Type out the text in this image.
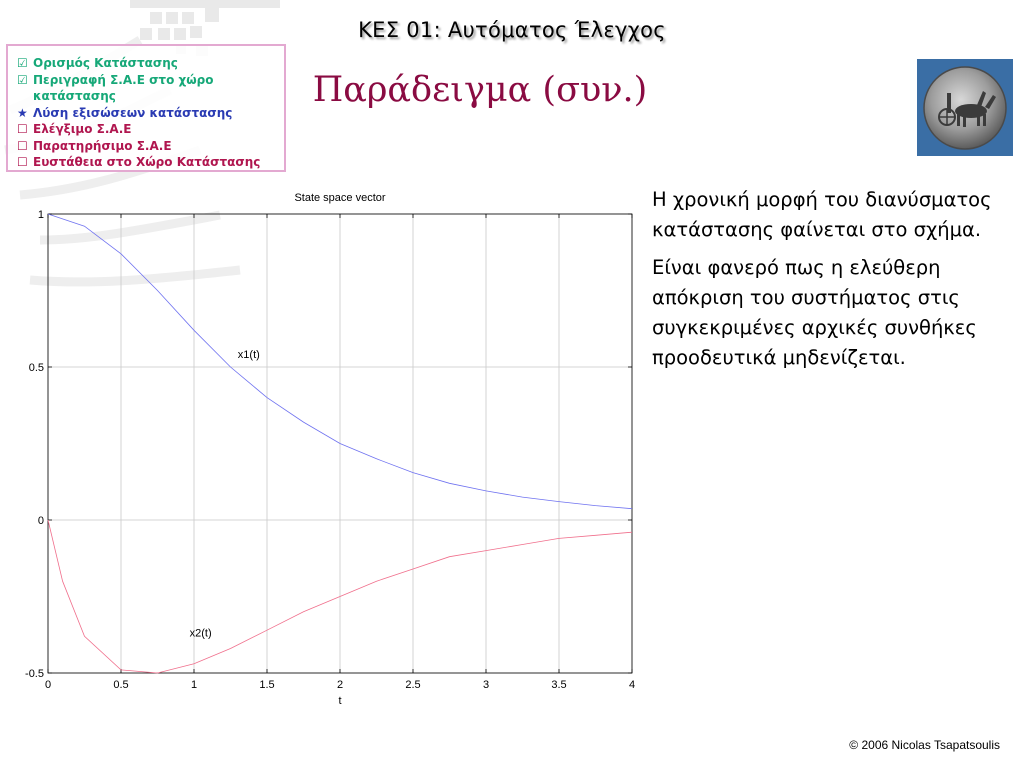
ΚΕΣ 01: Αυτόματος Έλεγχος
☑ Ορισμός Κατάστασης
☑ Περιγραφή Σ.Α.Ε στο χώρο κατάστασης
★ Λύση εξισώσεων κατάστασης
☐ Ελέγξιμο Σ.Α.Ε
☐ Παρατηρήσιμο Σ.Α.Ε
☐ Ευστάθεια στο Χώρο Κατάστασης
Παράδειγμα (συν.)
0	0.5	1	1.5	2	2.5	3	3.5	4
-0.5
0
0.5
1
x1(t)
x2(t)
State space vector
t

Η χρονική μορφή του διανύσματος κατάστασης φαίνεται στο σχήμα.

Είναι φανερό πως η ελεύθερη απόκριση του συστήματος στις συγκεκριμένες αρχικές συνθήκες προοδευτικά μηδενίζεται.

© 2006 Nicolas Tsapatsoulis
